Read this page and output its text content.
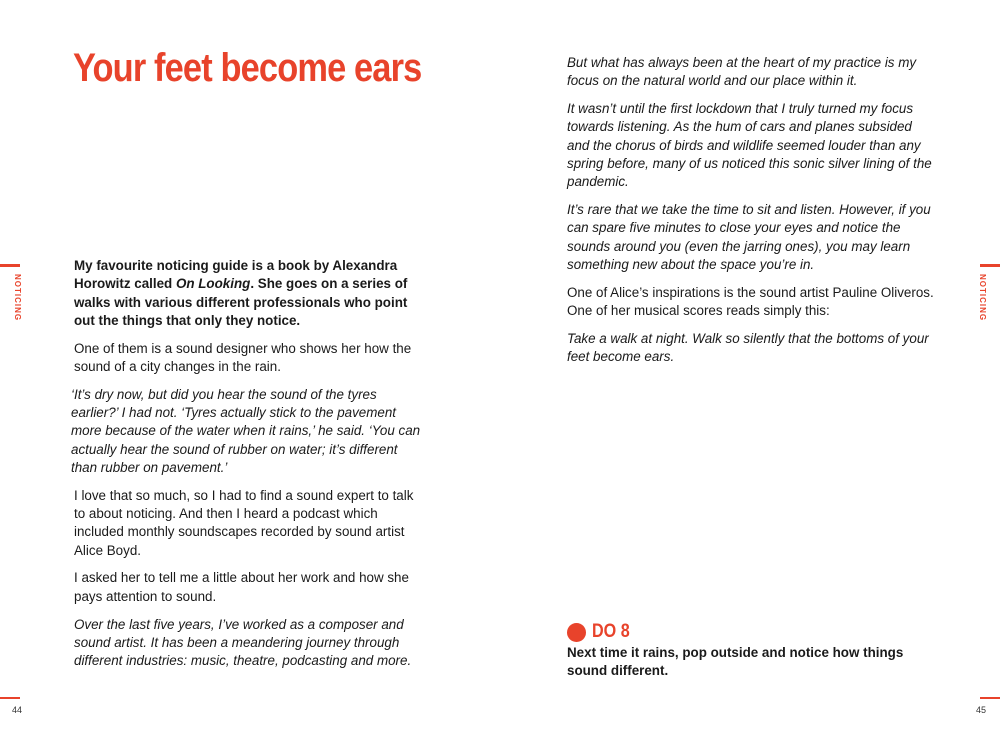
Your feet become ears
NOTICING

My favourite noticing guide is a book by Alexandra Horowitz called On Looking. She goes on a series of walks with various different professionals who point out the things that only they notice.

One of them is a sound designer who shows her how the sound of a city changes in the rain.

‘It’s dry now, but did you hear the sound of the tyres earlier?’ I had not. ‘Tyres actually stick to the pavement more because of the water when it rains,’ he said. ‘You can actually hear the sound of rubber on water; it’s different than rubber on pavement.’

I love that so much, so I had to find a sound expert to talk to about noticing. And then I heard a podcast which included monthly soundscapes recorded by sound artist Alice Boyd.

I asked her to tell me a little about her work and how she pays attention to sound.

Over the last five years, I’ve worked as a composer and sound artist. It has been a meandering journey through different industries: music, theatre, podcasting and more.

44

But what has always been at the heart of my practice is my focus on the natural world and our place within it.

It wasn’t until the first lockdown that I truly turned my focus towards listening. As the hum of cars and planes subsided and the chorus of birds and wildlife seemed louder than any spring before, many of us noticed this sonic silver lining of the pandemic.

It’s rare that we take the time to sit and listen. However, if you can spare five minutes to close your eyes and notice the sounds around you (even the jarring ones), you may learn something new about the space you’re in.

One of Alice’s inspirations is the sound artist Pauline Oliveros. One of her musical scores reads simply this:

Take a walk at night. Walk so silently that the bottoms of your feet become ears.

NOTICING
DO 8
Next time it rains, pop outside and notice how things sound different.
45
